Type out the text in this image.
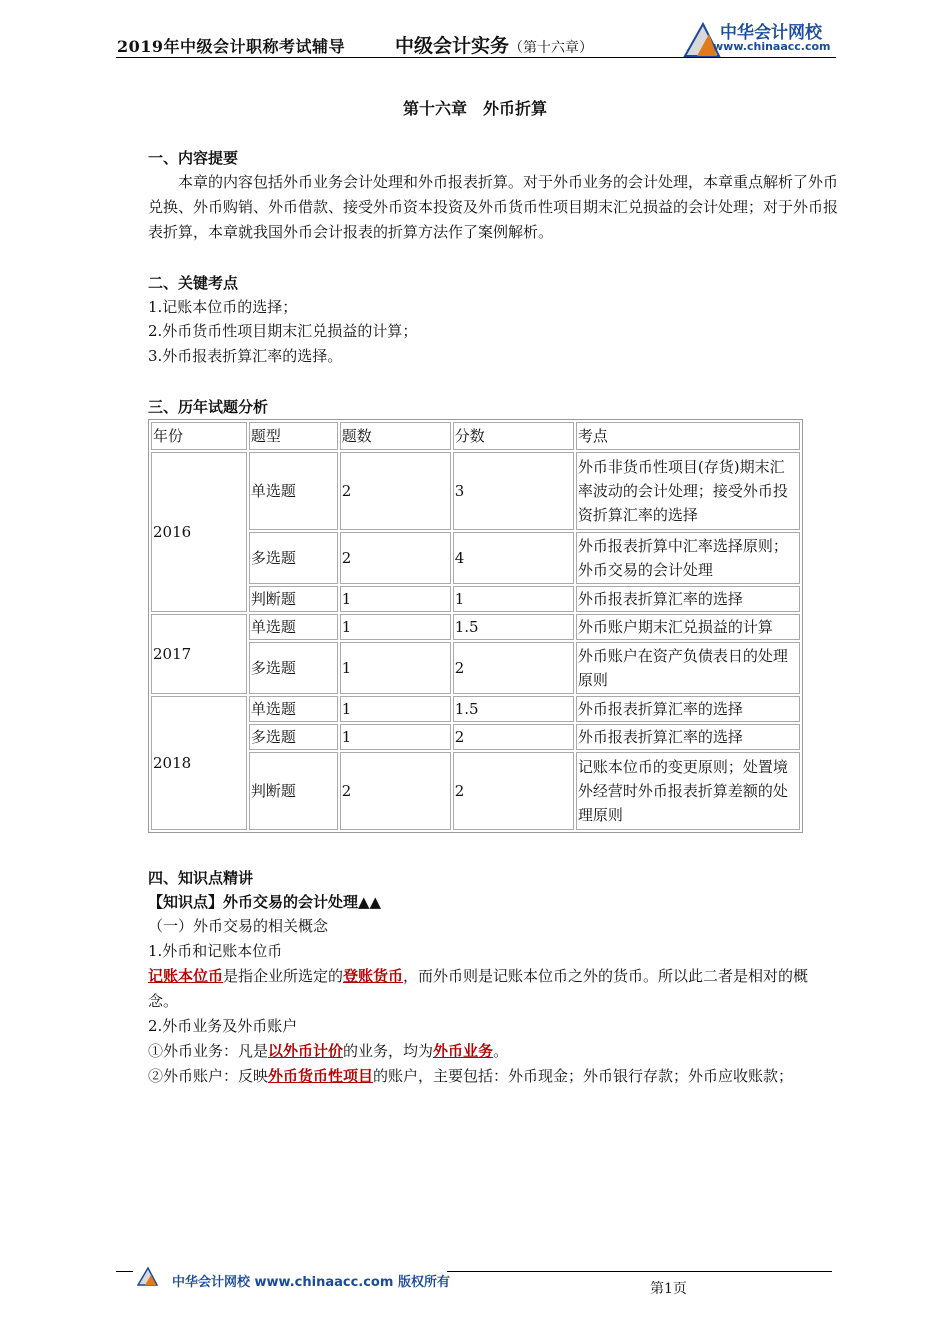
2019年中级会计职称考试辅导	中级会计实务（第十六章）
中华会计网校
www.chinaacc.com
第十六章　外币折算
一、内容提要
本章的内容包括外币业务会计处理和外币报表折算。对于外币业务的会计处理，本章重点解析了外币兑换、外币购销、外币借款、接受外币资本投资及外币货币性项目期末汇兑损益的会计处理；对于外币报表折算，本章就我国外币会计报表的折算方法作了案例解析。
二、关键考点
1.记账本位币的选择；
2.外币货币性项目期末汇兑损益的计算；
3.外币报表折算汇率的选择。
三、历年试题分析
年份	题型	题数	分数	考点
2016	单选题	2	3	外币非货币性项目(存货)期末汇率波动的会计处理；接受外币投资折算汇率的选择
	多选题	2	4	外币报表折算中汇率选择原则；外币交易的会计处理
	判断题	1	1	外币报表折算汇率的选择
2017	单选题	1	1.5	外币账户期末汇兑损益的计算
	多选题	1	2	外币账户在资产负债表日的处理原则
2018	单选题	1	1.5	外币报表折算汇率的选择
	多选题	1	2	外币报表折算汇率的选择
	判断题	2	2	记账本位币的变更原则；处置境外经营时外币报表折算差额的处理原则
四、知识点精讲
【知识点】外币交易的会计处理▲▲
（一）外币交易的相关概念
1.外币和记账本位币
记账本位币是指企业所选定的登账货币，而外币则是记账本位币之外的货币。所以此二者是相对的概念。
2.外币业务及外币账户
①外币业务：凡是以外币计价的业务，均为外币业务。
②外币账户：反映外币货币性项目的账户，主要包括：外币现金；外币银行存款；外币应收账款；
中华会计网校 www.chinaacc.com 版权所有	第1页
